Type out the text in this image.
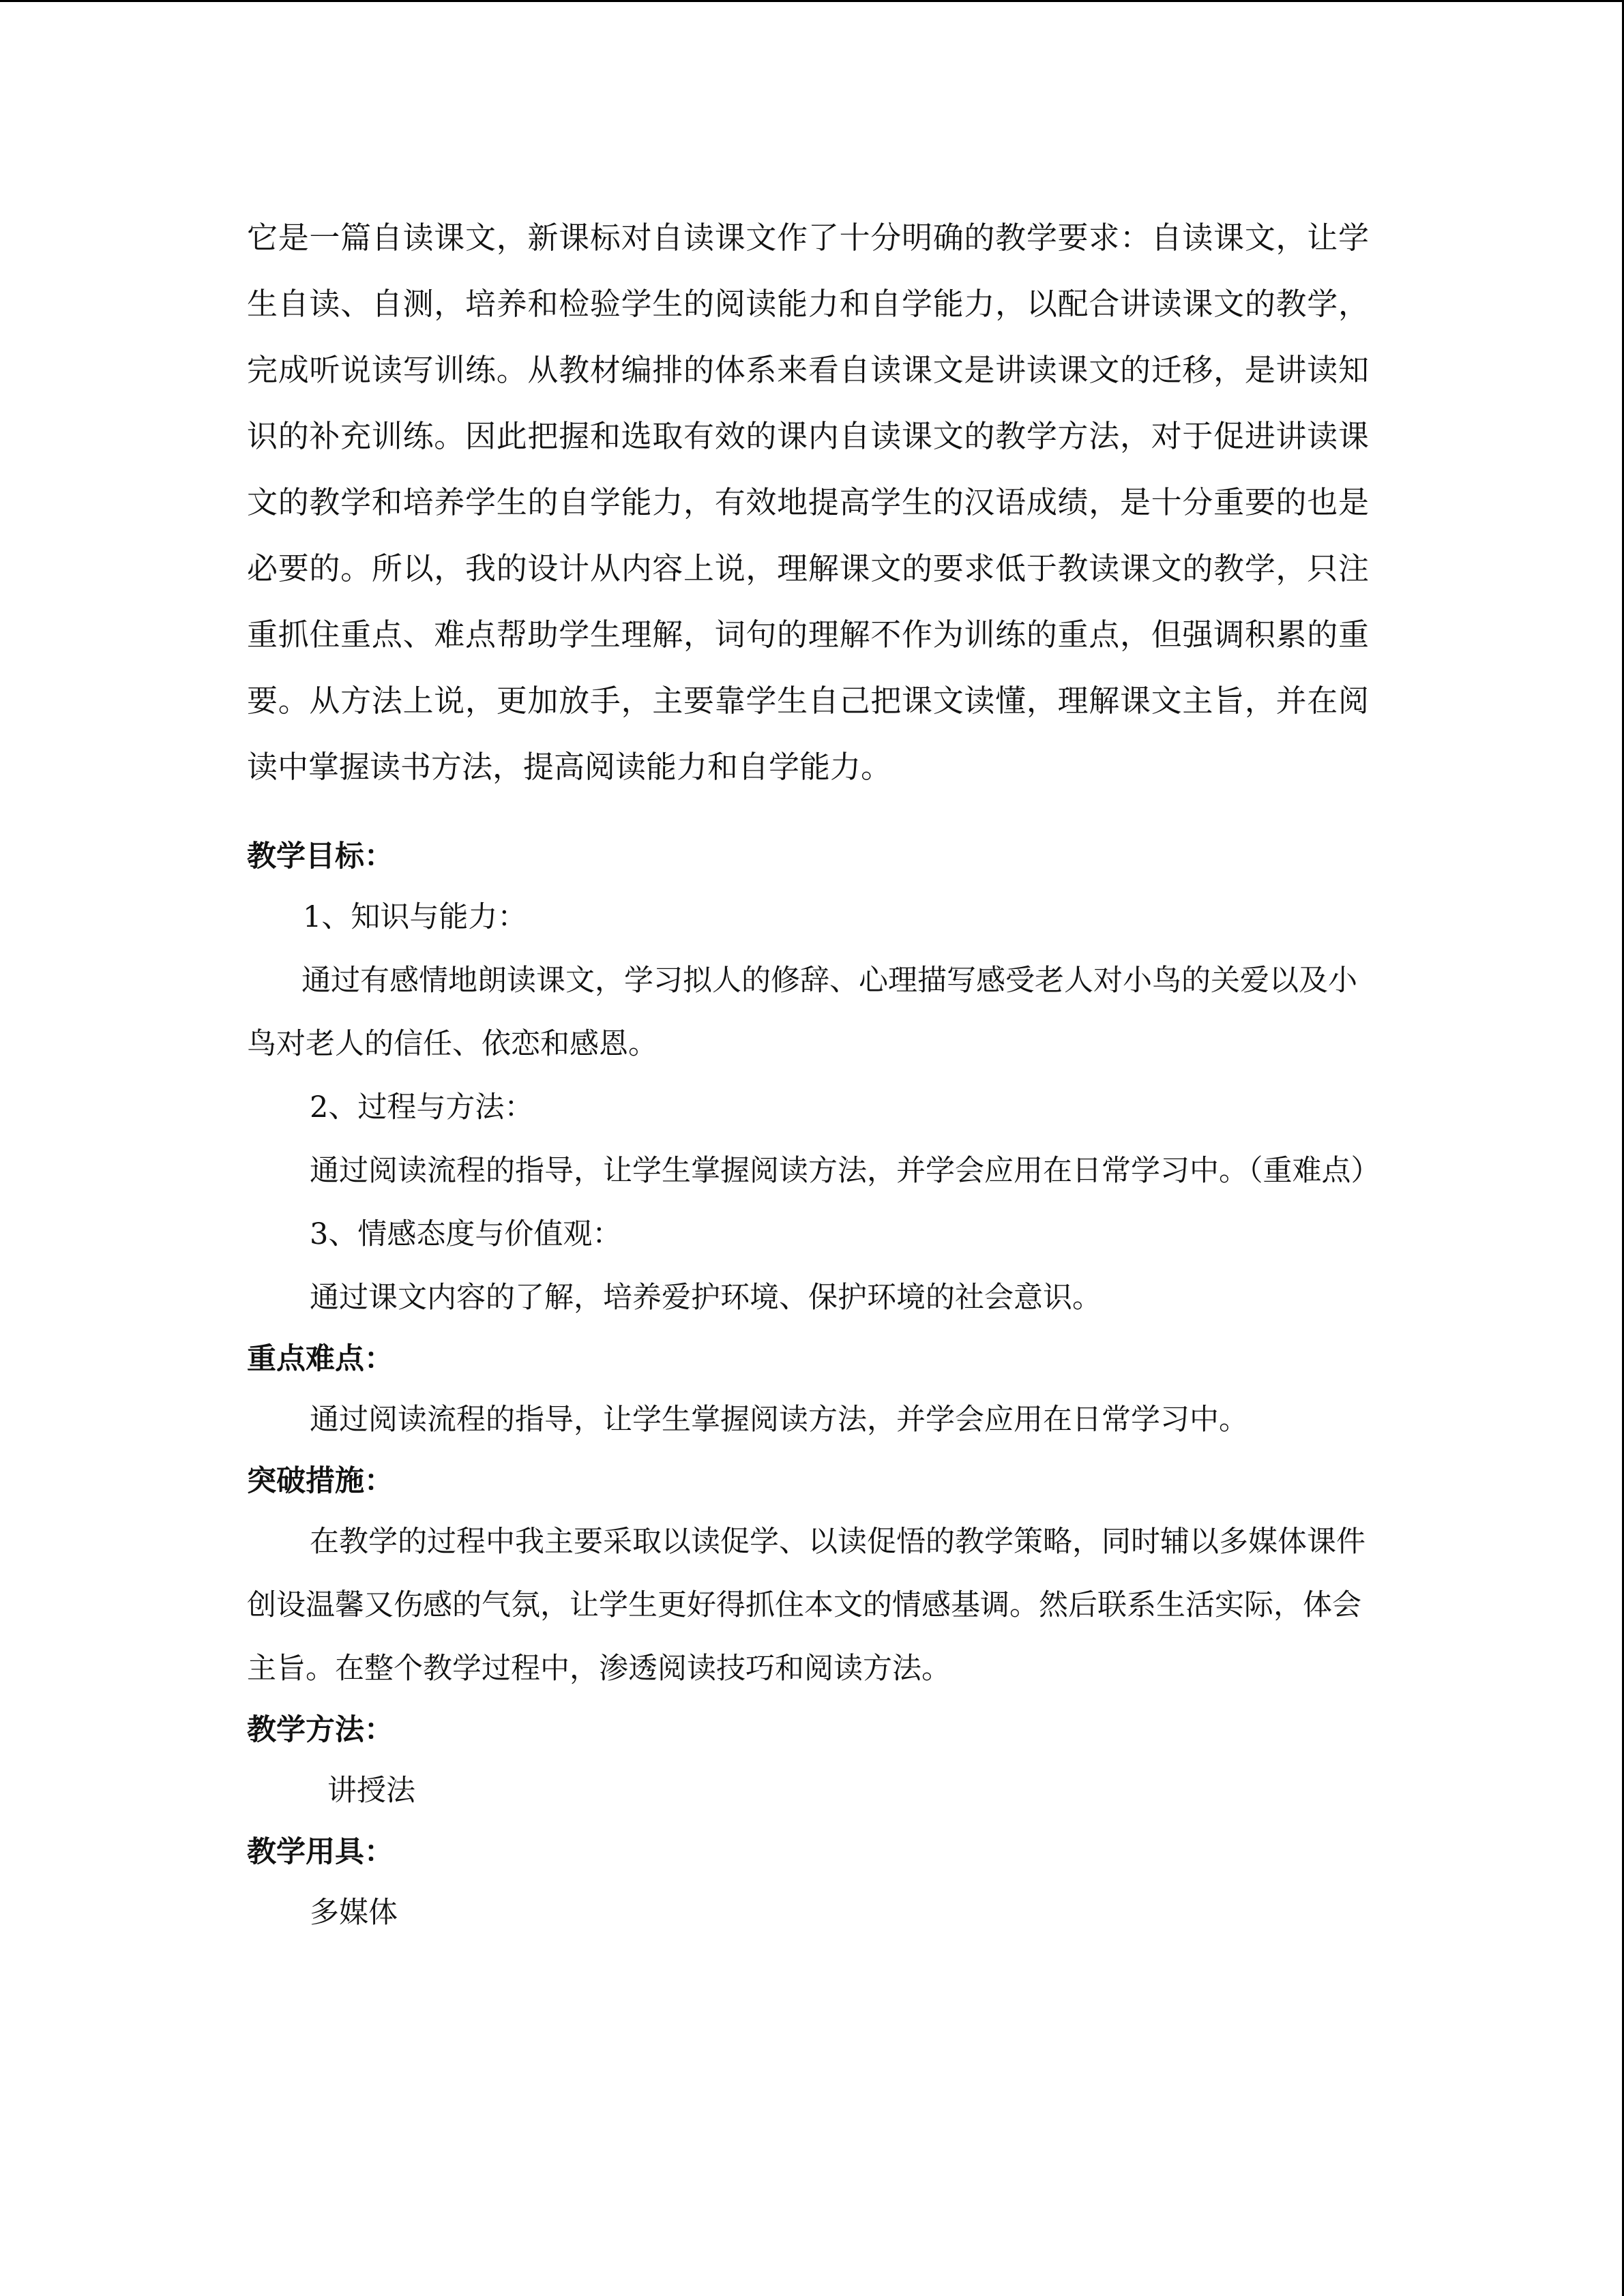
它是一篇自读课文，新课标对自读课文作了十分明确的教学要求：自读课文，让学生自读、自测，培养和检验学生的阅读能力和自学能力，以配合讲读课文的教学，完成听说读写训练。从教材编排的体系来看自读课文是讲读课文的迁移，是讲读知识的补充训练。因此把握和选取有效的课内自读课文的教学方法，对于促进讲读课文的教学和培养学生的自学能力，有效地提高学生的汉语成绩，是十分重要的也是必要的。所以，我的设计从内容上说，理解课文的要求低于教读课文的教学，只注重抓住重点、难点帮助学生理解，词句的理解不作为训练的重点，但强调积累的重要。从方法上说，更加放手，主要靠学生自己把课文读懂，理解课文主旨，并在阅读中掌握读书方法，提高阅读能力和自学能力。

教学目标：

1、知识与能力：

通过有感情地朗读课文，学习拟人的修辞、心理描写感受老人对小鸟的关爱以及小鸟对老人的信任、依恋和感恩。

2、过程与方法：

通过阅读流程的指导，让学生掌握阅读方法，并学会应用在日常学习中。（重难点）

3、情感态度与价值观：

通过课文内容的了解，培养爱护环境、保护环境的社会意识。

重点难点：

通过阅读流程的指导，让学生掌握阅读方法，并学会应用在日常学习中。

突破措施：

在教学的过程中我主要采取以读促学、以读促悟的教学策略，同时辅以多媒体课件创设温馨又伤感的气氛，让学生更好得抓住本文的情感基调。然后联系生活实际，体会主旨。在整个教学过程中，渗透阅读技巧和阅读方法。

教学方法：

讲授法

教学用具：

多媒体
